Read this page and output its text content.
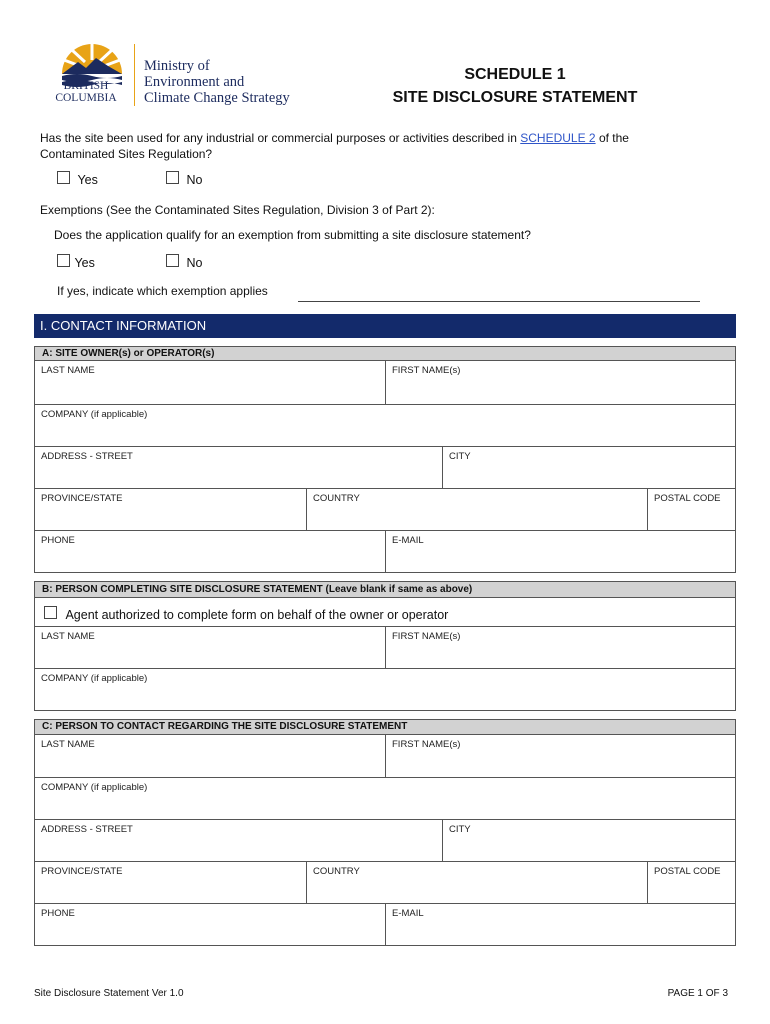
BRITISH
COLUMBIA
Ministry of
Environment and
Climate Change Strategy
SCHEDULE 1
SITE DISCLOSURE STATEMENT
Has the site been used for any industrial or commercial purposes or activities described in SCHEDULE 2 of the
Contaminated Sites Regulation?
Yes	No
Exemptions (See the Contaminated Sites Regulation, Division 3 of Part 2):
Does the application qualify for an exemption from submitting a site disclosure statement?
Yes	No
If yes, indicate which exemption applies
I. CONTACT INFORMATION
A: SITE OWNER(s) or OPERATOR(s)
LAST NAME	FIRST NAME(s)
COMPANY (if applicable)
ADDRESS - STREET	CITY
PROVINCE/STATE	COUNTRY	POSTAL CODE
PHONE	E-MAIL
B: PERSON COMPLETING SITE DISCLOSURE STATEMENT (Leave blank if same as above)
Agent authorized to complete form on behalf of the owner or operator
LAST NAME	FIRST NAME(s)
COMPANY (if applicable)
C: PERSON TO CONTACT REGARDING THE SITE DISCLOSURE STATEMENT
LAST NAME	FIRST NAME(s)
COMPANY (if applicable)
ADDRESS - STREET	CITY
PROVINCE/STATE	COUNTRY	POSTAL CODE
PHONE	E-MAIL
Site Disclosure Statement Ver 1.0	PAGE 1 OF 3
